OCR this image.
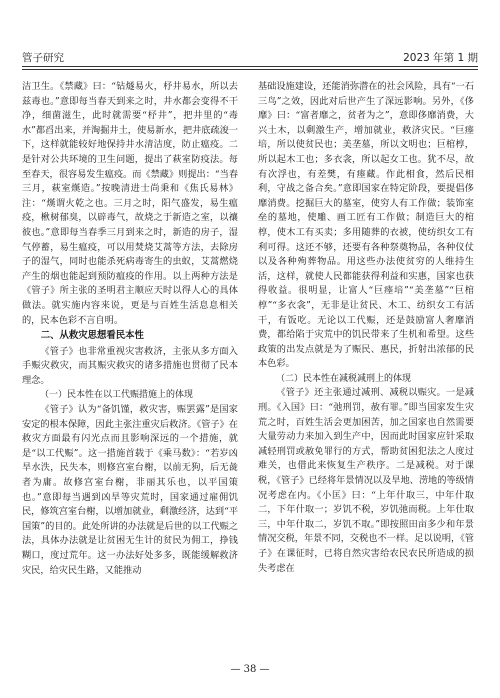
管子研究	2023 年第 1 期

洁卫生。《禁藏》曰：“钻燧易火，杼井易水，所以去兹毒也。”意即每当春天到来之时，井水都会变得不干净，细菌滋生，此时就需要“杼井”，把井里的“毒水”都舀出来，并淘掘井土，使易新水，把井底疏浚一下，这样就能较好地保持井水清洁度，防止瘟疫。二是针对公共环境的卫生问题，提出了萩室防疫法。每至春天，很容易发生瘟疫。而《禁藏》则提出：“当春三月，萩室熯造。”按晚清进士尚秉和《焦氏易林》注：“熯谓火乾之也。三月之时，阳气盛发，易生瘟疫，楸树郁臭，以辟毒气，故烧之于新造之室，以禳彼也。”意即每当春季三月到来之时，新造的房子，湿气停蓄，易生瘟疫，可以用焚烧艾蒿等方法，去除房子的湿气，同时也能杀死病毒寄生的虫蚁，艾蒿燃烧产生的烟也能起到预防瘟疫的作用。以上两种方法是《管子》所主张的圣明君主顺应天时以得人心的具体做法。就实施内容来说，更是与百姓生活息息相关的，民本色彩不言自明。

二、从救灾思想看民本性

《管子》也非常重视灾害救济，主张从多方面入手赈灾救灾，而其赈灾救灾的诸多措施也贯彻了民本理念。

（一）民本性在以工代赈措施上的体现

《管子》认为“备饥馑，救灾害，赈罢露”是国家安定的根本保障，因此主张注重灾后救济。《管子》在救灾方面最有闪光点而且影响深远的一个措施，就是“以工代赈”。这一措施首载于《乘马数》：“若岁凶旱水泆，民失本，则修宫室台榭，以前无狗，后无彘者为庸。故修宫室台榭，非丽其乐也，以平国策也。”意即每当遇到凶旱等灾荒时，国家通过雇佣饥民，修筑宫室台榭，以增加就业，剩激经济，达到“平国策”的目的。此处所讲的办法就是后世的以工代赈之法，具体办法就是让贫困无生计的贫民为佣工，挣钱糊口，度过荒年。这一办法好处多多，既能缓解救济灾民，给灾民生路，又能推动

基础设施建设，还能消弥潜在的社会风险，具有“一石三鸟”之效，因此对后世产生了深远影响。另外，《侈靡》曰：“富者靡之，贫者为之”，意即侈靡消费，大兴土木，以剩激生产，增加就业，救济灾民。“巨瘗培，所以使贫民也；美垄墓，所以文明也；巨棺椁，所以起木工也；多衣衾，所以起女工也。犹不尽，故有次浮也，有差樊，有瘗藏。作此相食，然后民相利，守战之备合矣。”意即国家在特定阶段，要提倡侈靡消费。挖掘巨大的墓室，使穷人有工作做；装饰室垒的墓地，使雕、画工匠有工作做；制造巨大的棺椁，使木工有买卖；多用随葬的衣被，使纺织女工有利可得。这还不够，还要有各种祭奠物品，各种仪仗以及各种殉葬物品。用这些办法使贫穷的人维持生活，这样，就使人民都能获得利益和实惠，国家也获得收益。很明显，让富人“巨瘗培”“美垄墓”“巨棺椁”“多衣衾”，无非是让贫民、木工、纺织女工有活干，有饭吃。无论以工代赈，还是鼓励富人奢靡消费，都给陷于灾荒中的饥民带来了生机和希望。这些政策的出发点就是为了赈民、惠民，折射出浓郁的民本色彩。

（二）民本性在减税减刑上的体现

《管子》还主张通过减刑、减税以赈灾。一是减刑。《入国》曰：“弛刑罚，赦有罪。”即当国家发生灾荒之时，百姓生活会更加困苦，加之国家也自然需要大量劳动力来加入到生产中，因而此时国家应针采取减轻刑罚或赦免罪行的方式，帮助贫困犯法之人度过难关，也借此来恢复生产秩序。二是减税。对于课税，《管子》已经将年景情况以及旱地、涝地的等级情况考虑在内。《小匡》曰：“上年什取三，中年什取二，下年什取一；岁饥不税，岁饥弛而税。上年仕取三，中年什取二，岁饥不取。”即按照田亩多少和年景情况交税，年景不同，交税也不一样。足以说明，《管子》在课征时，已将自然灾害给农民农民所造成的损失考虑在

— 38 —
